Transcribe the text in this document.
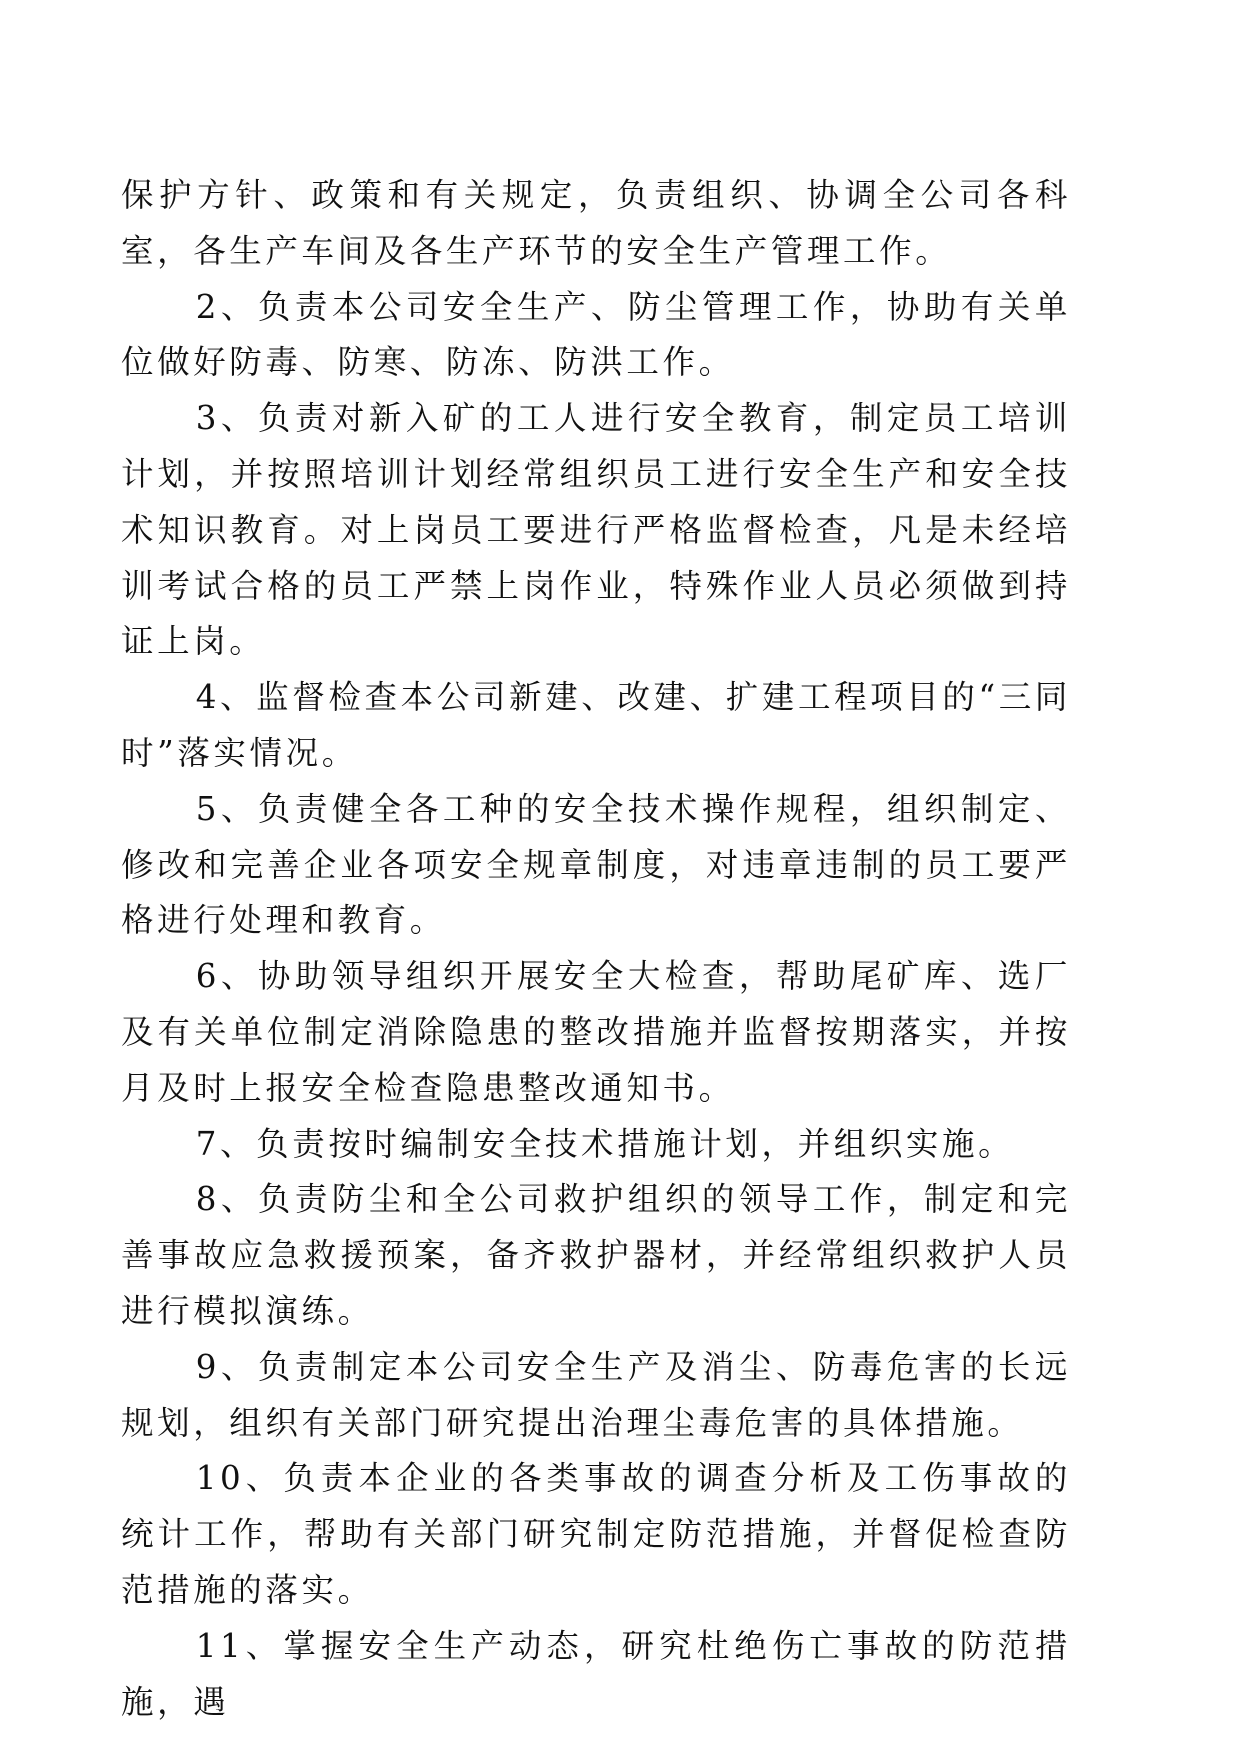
保护方针、政策和有关规定，负责组织、协调全公司各科室，各生产车间及各生产环节的安全生产管理工作。

2、负责本公司安全生产、防尘管理工作，协助有关单位做好防毒、防寒、防冻、防洪工作。

3、负责对新入矿的工人进行安全教育，制定员工培训计划，并按照培训计划经常组织员工进行安全生产和安全技术知识教育。对上岗员工要进行严格监督检查，凡是未经培训考试合格的员工严禁上岗作业，特殊作业人员必须做到持证上岗。

4、监督检查本公司新建、改建、扩建工程项目的“三同时”落实情况。

5、负责健全各工种的安全技术操作规程，组织制定、修改和完善企业各项安全规章制度，对违章违制的员工要严格进行处理和教育。

6、协助领导组织开展安全大检查，帮助尾矿库、选厂及有关单位制定消除隐患的整改措施并监督按期落实，并按月及时上报安全检查隐患整改通知书。

7、负责按时编制安全技术措施计划，并组织实施。

8、负责防尘和全公司救护组织的领导工作，制定和完善事故应急救援预案，备齐救护器材，并经常组织救护人员进行模拟演练。

9、负责制定本公司安全生产及消尘、防毒危害的长远规划，组织有关部门研究提出治理尘毒危害的具体措施。

10、负责本企业的各类事故的调查分析及工伤事故的统计工作，帮助有关部门研究制定防范措施，并督促检查防范措施的落实。

11、掌握安全生产动态，研究杜绝伤亡事故的防范措施，遇
